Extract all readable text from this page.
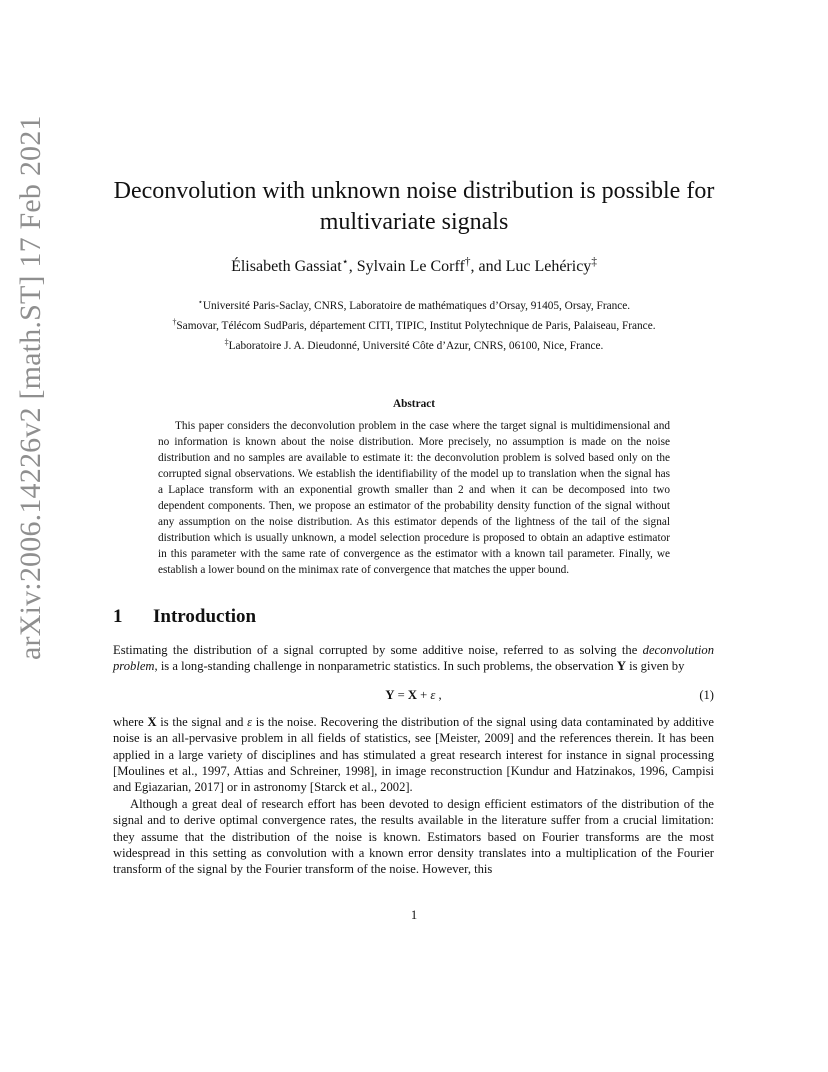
arXiv:2006.14226v2 [math.ST] 17 Feb 2021	Deconvolution with unknown noise distribution is possible for
multivariate signals
Élisabeth Gassiat⋆, Sylvain Le Corff†, and Luc Lehéricy‡
⋆Université Paris-Saclay, CNRS, Laboratoire de mathématiques d’Orsay, 91405, Orsay, France.
†Samovar, Télécom SudParis, département CITI, TIPIC, Institut Polytechnique de Paris, Palaiseau, France.
‡Laboratoire J. A. Dieudonné, Université Côte d’Azur, CNRS, 06100, Nice, France.
Abstract

This paper considers the deconvolution problem in the case where the target signal is multidimensional and no information is known about the noise distribution. More precisely, no assumption is made on the noise distribution and no samples are available to estimate it: the deconvolution problem is solved based only on the corrupted signal observations. We establish the identifiability of the model up to translation when the signal has a Laplace transform with an exponential growth smaller than 2 and when it can be decomposed into two dependent components. Then, we propose an estimator of the probability density function of the signal without any assumption on the noise distribution. As this estimator depends of the lightness of the tail of the signal distribution which is usually unknown, a model selection procedure is proposed to obtain an adaptive estimator in this parameter with the same rate of convergence as the estimator with a known tail parameter. Finally, we establish a lower bound on the minimax rate of convergence that matches the upper bound.

1 Introduction

Estimating the distribution of a signal corrupted by some additive noise, referred to as solving the deconvolution problem, is a long-standing challenge in nonparametric statistics. In such problems, the observation Y is given by

Y = X + ε ,	(1)

where X is the signal and ε is the noise. Recovering the distribution of the signal using data contaminated by additive noise is an all-pervasive problem in all fields of statistics, see [Meister, 2009] and the references therein. It has been applied in a large variety of disciplines and has stimulated a great research interest for instance in signal processing [Moulines et al., 1997, Attias and Schreiner, 1998], in image reconstruction [Kundur and Hatzinakos, 1996, Campisi and Egiazarian, 2017] or in astronomy [Starck et al., 2002].

Although a great deal of research effort has been devoted to design efficient estimators of the distribution of the signal and to derive optimal convergence rates, the results available in the literature suffer from a crucial limitation: they assume that the distribution of the noise is known. Estimators based on Fourier transforms are the most widespread in this setting as convolution with a known error density translates into a multiplication of the Fourier transform of the signal by the Fourier transform of the noise. However, this

1
